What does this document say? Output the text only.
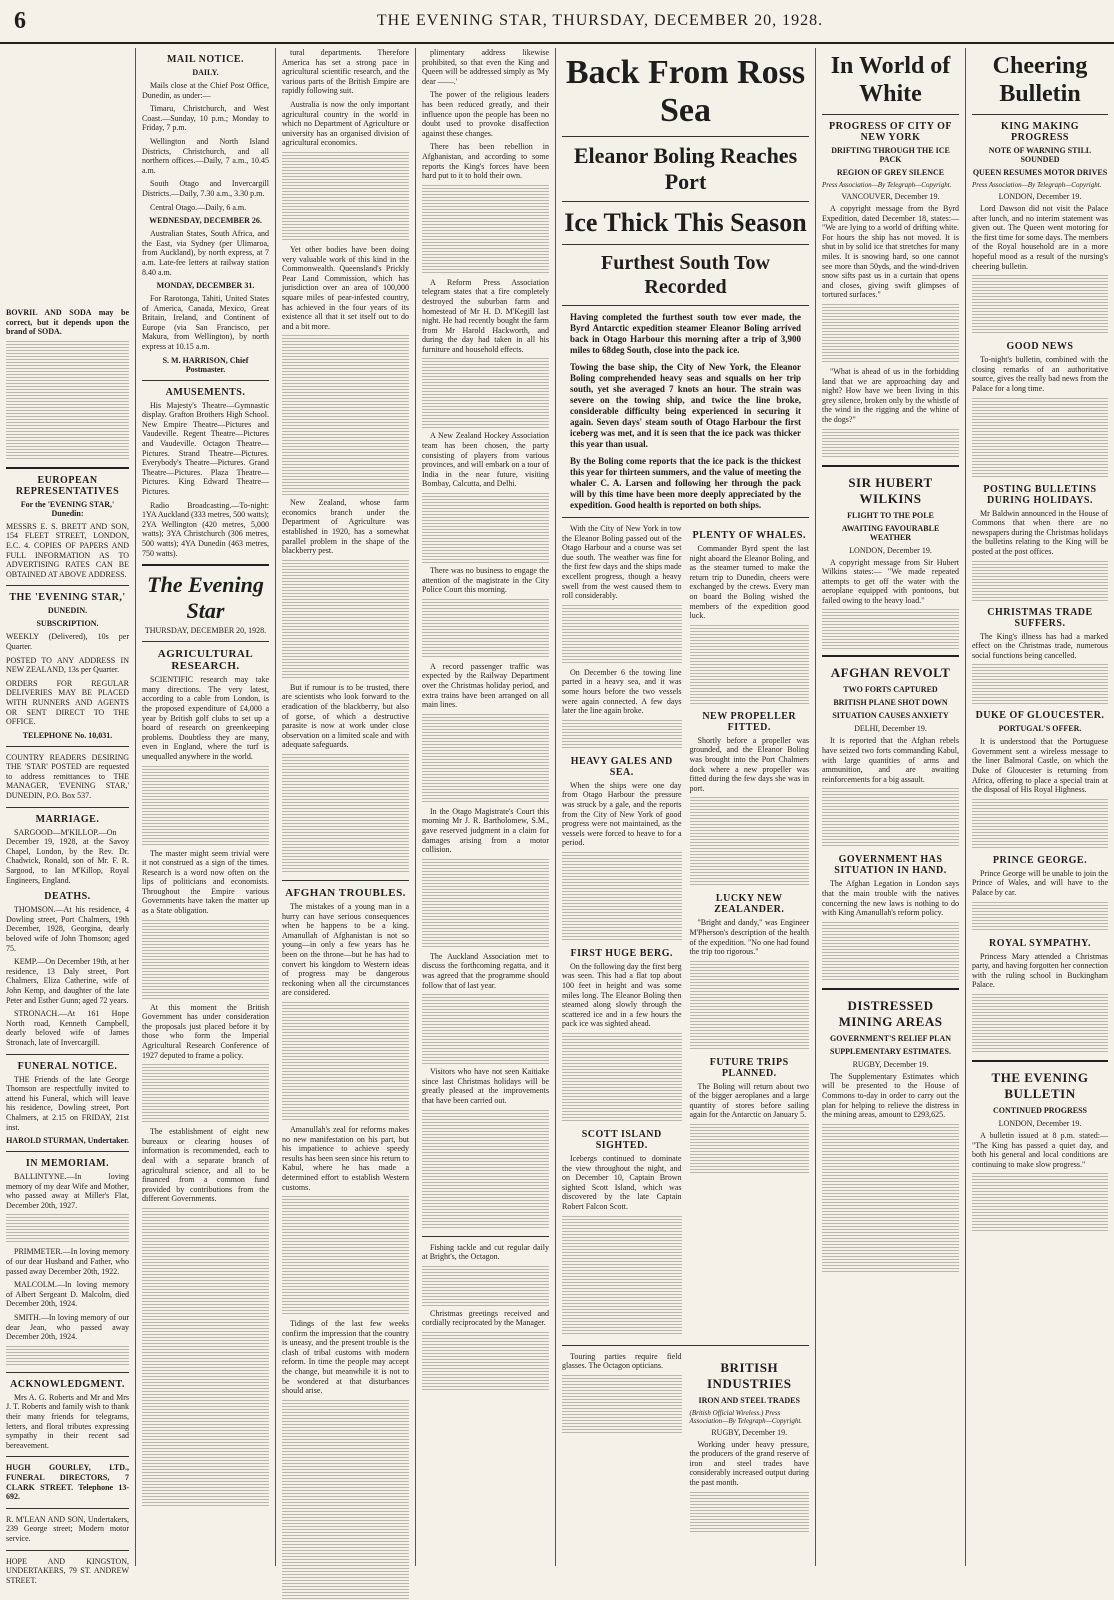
6	THE EVENING STAR, THURSDAY, DECEMBER 20, 1928.

BOVRIL AND SODA may be correct, but it depends upon the brand of SODA.

EUROPEAN REPRESENTATIVES
For the 'EVENING STAR,' Dunedin:

MESSRS E. S. BRETT AND SON, 154 FLEET STREET, LONDON, E.C. 4. COPIES OF PAPERS AND FULL INFORMATION AS TO ADVERTISING RATES CAN BE OBTAINED AT ABOVE ADDRESS.

THE 'EVENING STAR,'
DUNEDIN.
SUBSCRIPTION.

WEEKLY (Delivered), 10s per Quarter.

POSTED TO ANY ADDRESS IN NEW ZEALAND, 13s per Quarter.

ORDERS FOR REGULAR DELIVERIES MAY BE PLACED WITH RUNNERS AND AGENTS OR SENT DIRECT TO THE OFFICE.

TELEPHONE No. 10,031.

COUNTRY READERS DESIRING THE 'STAR' POSTED are requested to address remittances to THE MANAGER, 'EVENING STAR,' DUNEDIN, P.O. Box 537.

MARRIAGE.

SARGOOD—M'KILLOP.—On December 19, 1928, at the Savoy Chapel, London, by the Rev. Dr. Chadwick, Ronald, son of Mr. F. R. Sargood, to Ian M'Killop, Royal Engineers, England.

DEATHS.

THOMSON.—At his residence, 4 Dowling street, Port Chalmers, 19th December, 1928, Georgina, dearly beloved wife of John Thomson; aged 75.

KEMP.—On December 19th, at her residence, 13 Daly street, Port Chalmers, Eliza Catherine, wife of John Kemp, and daughter of the late Peter and Esther Gunn; aged 72 years.

STRONACH.—At 161 Hope North road, Kenneth Campbell, dearly beloved wife of James Stronach, late of Invercargill.

FUNERAL NOTICE.

THE Friends of the late George Thomson are respectfully invited to attend his Funeral, which will leave his residence, Dowling street, Port Chalmers, at 2.15 on FRIDAY, 21st inst.

HAROLD STURMAN, Undertaker.
IN MEMORIAM.

BALLINTYNE.—In loving memory of my dear Wife and Mother, who passed away at Miller's Flat, December 20th, 1927.

PRIMMETER.—In loving memory of our dear Husband and Father, who passed away December 20th, 1922.

MALCOLM.—In loving memory of Albert Sergeant D. Malcolm, died December 20th, 1924.

SMITH.—In loving memory of our dear Jean, who passed away December 20th, 1924.

ACKNOWLEDGMENT.

Mrs A. G. Roberts and Mr and Mrs J. T. Roberts and family wish to thank their many friends for telegrams, letters, and floral tributes expressing sympathy in their recent sad bereavement.

HUGH GOURLEY, LTD., FUNERAL DIRECTORS, 7 CLARK STREET. Telephone 13-692.

R. M'LEAN AND SON, Undertakers, 239 George street; Modern motor service.

HOPE AND KINGSTON, UNDERTAKERS, 79 ST. ANDREW STREET.

MAIL NOTICE.
DAILY.

Mails close at the Chief Post Office, Dunedin, as under:—

Timaru, Christchurch, and West Coast.—Sunday, 10 p.m.; Monday to Friday, 7 p.m.

Wellington and North Island Districts, Christchurch, and all northern offices.—Daily, 7 a.m., 10.45 a.m.

South Otago and Invercargill Districts.—Daily, 7.30 a.m., 3.30 p.m.

Central Otago.—Daily, 6 a.m.

WEDNESDAY, DECEMBER 26.

Australian States, South Africa, and the East, via Sydney (per Ulimaroa, from Auckland), by north express, at 7 a.m. Late-fee letters at railway station 8.40 a.m.

MONDAY, DECEMBER 31.

For Rarotonga, Tahiti, United States of America, Canada, Mexico, Great Britain, Ireland, and Continent of Europe (via San Francisco, per Makura, from Wellington), by north express at 10.15 a.m.

S. M. HARRISON, Chief Postmaster.
AMUSEMENTS.

His Majesty's Theatre—Gymnastic display. Grafton Brothers High School. New Empire Theatre—Pictures and Vaudeville. Regent Theatre—Pictures and Vaudeville. Octagon Theatre—Pictures. Strand Theatre—Pictures. Everybody's Theatre—Pictures. Grand Theatre—Pictures. Plaza Theatre—Pictures. King Edward Theatre—Pictures.

Radio Broadcasting.—To-night: 1YA Auckland (333 metres, 500 watts); 2YA Wellington (420 metres, 5,000 watts); 3YA Christchurch (306 metres, 500 watts); 4YA Dunedin (463 metres, 750 watts).

The Evening Star
THURSDAY, DECEMBER 20, 1928.
AGRICULTURAL RESEARCH.

SCIENTIFIC research may take many directions. The very latest, according to a cable from London, is the proposed expenditure of £4,000 a year by British golf clubs to set up a board of research on greenkeeping problems. Doubtless they are many, even in England, where the turf is unequalled anywhere in the world.

The master might seem trivial were it not construed as a sign of the times. Research is a word now often on the lips of politicians and economists. Throughout the Empire various Governments have taken the matter up as a State obligation.

At this moment the British Government has under consideration the proposals just placed before it by those who form the Imperial Agricultural Research Conference of 1927 deputed to frame a policy.

The establishment of eight new bureaux or clearing houses of information is recommended, each to deal with a separate branch of agricultural science, and all to be financed from a common fund provided by contributions from the different Governments.

tural departments. Therefore America has set a strong pace in agricultural scientific research, and the various parts of the British Empire are rapidly following suit.

Australia is now the only important agricultural country in the world in which no Department of Agriculture or university has an organised division of agricultural economics.

Yet other bodies have been doing very valuable work of this kind in the Commonwealth. Queensland's Prickly Pear Land Commission, which has jurisdiction over an area of 100,000 square miles of pear-infested country, has achieved in the four years of its existence all that it set itself out to do and a bit more.

New Zealand, whose farm economics branch under the Department of Agriculture was established in 1920, has a somewhat parallel problem in the shape of the blackberry pest.

But if rumour is to be trusted, there are scientists who look forward to the eradication of the blackberry, but also of gorse, of which a destructive parasite is now at work under close observation on a limited scale and with adequate safeguards.

AFGHAN TROUBLES.

The mistakes of a young man in a hurry can have serious consequences when he happens to be a king. Amanullah of Afghanistan is not so young—in only a few years has he been on the throne—but he has had to convert his kingdom to Western ideas of progress may be dangerous reckoning when all the circumstances are considered.

Amanullah's zeal for reforms makes no new manifestation on his part, but his impatience to achieve speedy results has been seen since his return to Kabul, where he has made a determined effort to establish Western customs.

Tidings of the last few weeks confirm the impression that the country is uneasy, and the present trouble is the clash of tribal customs with modern reform. In time the people may accept the change, but meanwhile it is not to be wondered at that disturbances should arise.

plimentary address likewise prohibited, so that even the King and Queen will be addressed simply as 'My dear ——.'

The power of the religious leaders has been reduced greatly, and their influence upon the people has been no doubt used to provoke disaffection against these changes.

There has been rebellion in Afghanistan, and according to some reports the King's forces have been hard put to it to hold their own.

A Reform Press Association telegram states that a fire completely destroyed the suburban farm and homestead of Mr H. D. M'Kegill last night. He had recently bought the farm from Mr Harold Hackworth, and during the day had taken in all his furniture and household effects.

A New Zealand Hockey Association team has been chosen, the party consisting of players from various provinces, and will embark on a tour of India in the near future, visiting Bombay, Calcutta, and Delhi.

There was no business to engage the attention of the magistrate in the City Police Court this morning.

A record passenger traffic was expected by the Railway Department over the Christmas holiday period, and extra trains have been arranged on all main lines.

In the Otago Magistrate's Court this morning Mr J. R. Bartholomew, S.M., gave reserved judgment in a claim for damages arising from a motor collision.

The Auckland Association met to discuss the forthcoming regatta, and it was agreed that the programme should follow that of last year.

Visitors who have not seen Kaitiake since last Christmas holidays will be greatly pleased at the improvements that have been carried out.

Fishing tackle and cut regular daily at Bright's, the Octagon.

Christmas greetings received and cordially reciprocated by the Manager.

Back From Ross Sea
Eleanor Boling Reaches Port
Ice Thick This Season
Furthest South Tow Recorded
Having completed the furthest south tow ever made, the Byrd Antarctic expedition steamer Eleanor Boling arrived back in Otago Harbour this morning after a trip of 3,900 miles to 68deg South, close into the pack ice.
Towing the base ship, the City of New York, the Eleanor Boling comprehended heavy seas and squalls on her trip south, yet she averaged 7 knots an hour. The strain was severe on the towing ship, and twice the line broke, considerable difficulty being experienced in securing it again. Seven days' steam south of Otago Harbour the first iceberg was met, and it is seen that the ice pack was thicker this year than usual.
By the Boling come reports that the ice pack is the thickest this year for thirteen summers, and the value of meeting the whaler C. A. Larsen and following her through the pack will by this time have been more deeply appreciated by the expedition. Good health is reported on both ships.

With the City of New York in tow the Eleanor Boling passed out of the Otago Harbour and a course was set due south. The weather was fine for the first few days and the ships made excellent progress, though a heavy swell from the west caused them to roll considerably.

On December 6 the towing line parted in a heavy sea, and it was some hours before the two vessels were again connected. A few days later the line again broke.

HEAVY GALES AND SEA.

When the ships were one day from Otago Harbour the pressure was struck by a gale, and the reports from the City of New York of good progress were not maintained, as the vessels were forced to heave to for a period.

FIRST HUGE BERG.

On the following day the first berg was seen. This had a flat top about 100 feet in height and was some miles long. The Eleanor Boling then steamed along slowly through the scattered ice and in a few hours the pack ice was sighted ahead.

SCOTT ISLAND SIGHTED.

Icebergs continued to dominate the view throughout the night, and on December 10, Captain Brown sighted Scott Island, which was discovered by the late Captain Robert Falcon Scott.

PLENTY OF WHALES.

Commander Byrd spent the last night aboard the Eleanor Boling, and as the steamer turned to make the return trip to Dunedin, cheers were exchanged by the crews. Every man on board the Boling wished the members of the expedition good luck.

NEW PROPELLER FITTED.

Shortly before a propeller was grounded, and the Eleanor Boling was brought into the Port Chalmers dock where a new propeller was fitted during the few days she was in port.

LUCKY NEW ZEALANDER.

"Bright and dandy," was Engineer M'Pherson's description of the health of the expedition. "No one had found the trip too rigorous."

FUTURE TRIPS PLANNED.

The Boling will return about two of the bigger aeroplanes and a large quantity of stores before sailing again for the Antarctic on January 5.

Touring parties require field glasses. The Octagon opticians.	BRITISH INDUSTRIES
IRON AND STEEL TRADES
(British Official Wireless.) Press Association—By Telegraph—Copyright.
RUGBY, December 19.

Working under heavy pressure, the producers of the grand reserve of iron and steel trades have considerably increased output during the past month.

In World of White
PROGRESS OF CITY OF NEW YORK
DRIFTING THROUGH THE ICE PACK
REGION OF GREY SILENCE
Press Association—By Telegraph—Copyright.
VANCOUVER, December 19.

A copyright message from the Byrd Expedition, dated December 18, states:— "We are lying to a world of drifting white. For hours the ship has not moved. It is shut in by solid ice that stretches for many miles. It is snowing hard, so one cannot see more than 50yds, and the wind-driven snow sifts past us in a curtain that opens and closes, giving swift glimpses of tortured surfaces."

"What is ahead of us in the forbidding land that we are approaching day and night? How have we been living in this grey silence, broken only by the whistle of the wind in the rigging and the whine of the dogs?"

SIR HUBERT WILKINS
FLIGHT TO THE POLE
AWAITING FAVOURABLE WEATHER
LONDON, December 19.

A copyright message from Sir Hubert Wilkins states:— "We made repeated attempts to get off the water with the aeroplane equipped with pontoons, but failed owing to the heavy load."

AFGHAN REVOLT
TWO FORTS CAPTURED
BRITISH PLANE SHOT DOWN
SITUATION CAUSES ANXIETY
DELHI, December 19.

It is reported that the Afghan rebels have seized two forts commanding Kabul, with large quantities of arms and ammunition, and are awaiting reinforcements for a big assault.

GOVERNMENT HAS SITUATION IN HAND.

The Afghan Legation in London says that the main trouble with the natives concerning the new laws is nothing to do with King Amanullah's reform policy.

DISTRESSED MINING AREAS
GOVERNMENT'S RELIEF PLAN
SUPPLEMENTARY ESTIMATES.
RUGBY, December 19.

The Supplementary Estimates which will be presented to the House of Commons to-day in order to carry out the plan for helping to relieve the distress in the mining areas, amount to £293,625.

Cheering Bulletin
KING MAKING PROGRESS
NOTE OF WARNING STILL SOUNDED
QUEEN RESUMES MOTOR DRIVES
Press Association—By Telegraph—Copyright.
LONDON, December 19.

Lord Dawson did not visit the Palace after lunch, and no interim statement was given out. The Queen went motoring for the first time for some days. The members of the Royal household are in a more hopeful mood as a result of the nursing's cheering bulletin.

GOOD NEWS

To-night's bulletin, combined with the closing remarks of an authoritative source, gives the really bad news from the Palace for a long time.

POSTING BULLETINS DURING HOLIDAYS.

Mr Baldwin announced in the House of Commons that when there are no newspapers during the Christmas holidays the bulletins relating to the King will be posted at the post offices.

CHRISTMAS TRADE SUFFERS.

The King's illness has had a marked effect on the Christmas trade, numerous social functions being cancelled.

DUKE OF GLOUCESTER.
PORTUGAL'S OFFER.

It is understood that the Portuguese Government sent a wireless message to the liner Balmoral Castle, on which the Duke of Gloucester is returning from Africa, offering to place a special train at the disposal of His Royal Highness.

PRINCE GEORGE.

Prince George will be unable to join the Prince of Wales, and will have to the Palace by car.

ROYAL SYMPATHY.

Princess Mary attended a Christmas party, and having forgotten her connection with the ruling school in Buckingham Palace.

THE EVENING BULLETIN
CONTINUED PROGRESS
LONDON, December 19.

A bulletin issued at 8 p.m. stated:— "The King has passed a quiet day, and both his general and local conditions are continuing to make slow progress."
